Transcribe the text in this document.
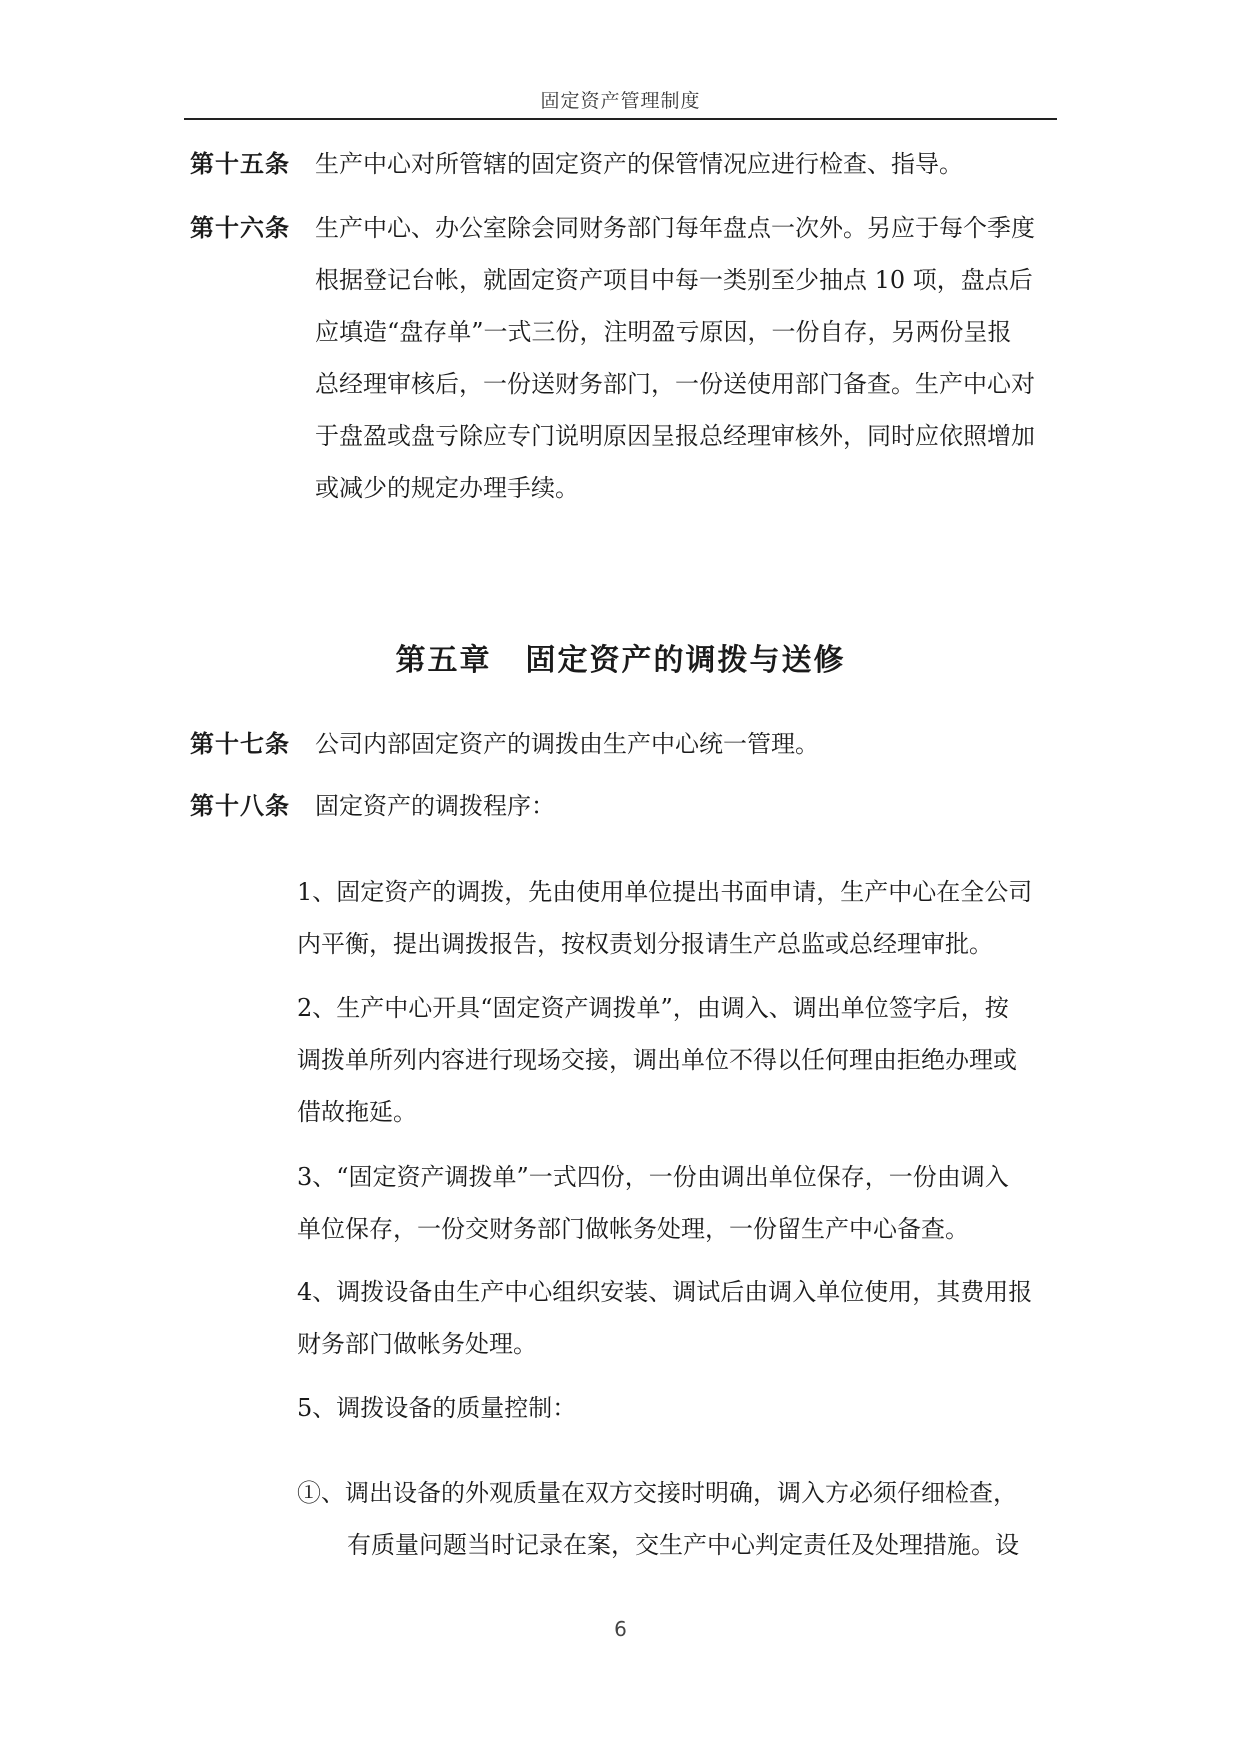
固定资产管理制度
第十五条 生产中心对所管辖的固定资产的保管情况应进行检查、指导。
第十六条 生产中心、办公室除会同财务部门每年盘点一次外。另应于每个季度
根据登记台帐，就固定资产项目中每一类别至少抽点 10 项，盘点后
应填造“盘存单”一式三份，注明盈亏原因，一份自存，另两份呈报
总经理审核后，一份送财务部门，一份送使用部门备查。生产中心对
于盘盈或盘亏除应专门说明原因呈报总经理审核外，同时应依照增加
或减少的规定办理手续。
第五章 固定资产的调拨与送修
第十七条 公司内部固定资产的调拨由生产中心统一管理。
第十八条 固定资产的调拨程序：
1、固定资产的调拨，先由使用单位提出书面申请，生产中心在全公司
内平衡，提出调拨报告，按权责划分报请生产总监或总经理审批。
2、生产中心开具“固定资产调拨单”，由调入、调出单位签字后，按
调拨单所列内容进行现场交接，调出单位不得以任何理由拒绝办理或
借故拖延。
3、“固定资产调拨单”一式四份，一份由调出单位保存，一份由调入
单位保存，一份交财务部门做帐务处理，一份留生产中心备查。
4、调拨设备由生产中心组织安装、调试后由调入单位使用，其费用报
财务部门做帐务处理。
5、调拨设备的质量控制：
①、调出设备的外观质量在双方交接时明确，调入方必须仔细检查，
有质量问题当时记录在案，交生产中心判定责任及处理措施。设
6
